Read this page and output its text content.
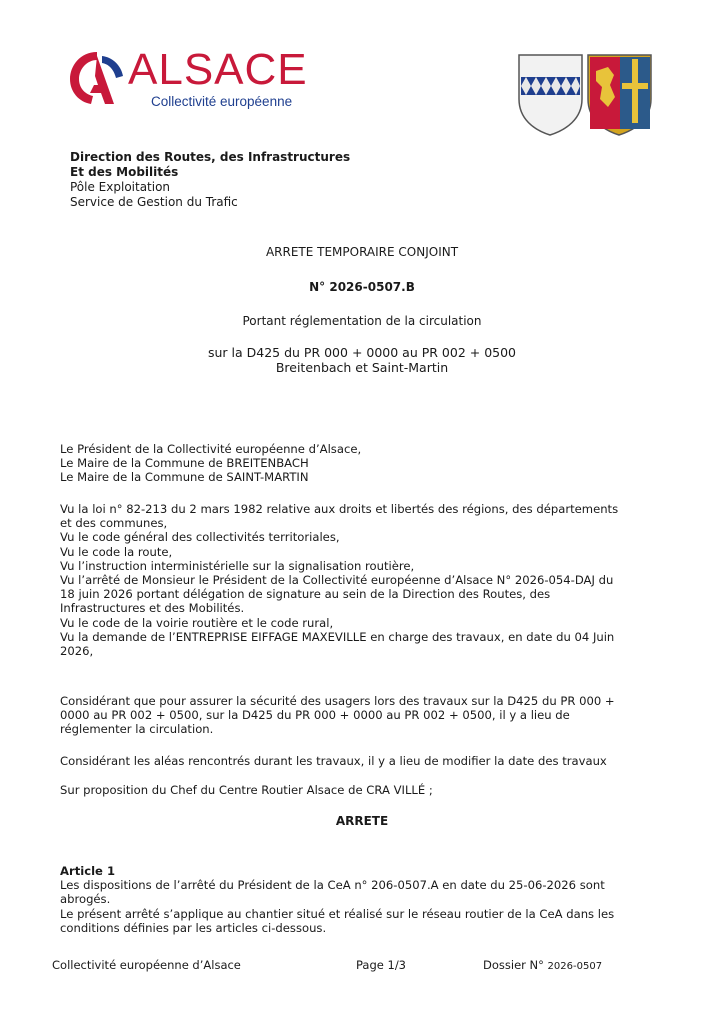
ALSACE
Collectivité européenne
Direction des Routes, des Infrastructures
Et des Mobilités
Pôle Exploitation
Service de Gestion du Trafic
ARRETE TEMPORAIRE CONJOINT
N° 2026-0507.B
Portant réglementation de la circulation
sur la D425 du PR 000 + 0000 au PR 002 + 0500
Breitenbach et Saint-Martin
Le Président de la Collectivité européenne d’Alsace,
Le Maire de la Commune de BREITENBACH
Le Maire de la Commune de SAINT-MARTIN
Vu la loi n° 82-213 du 2 mars 1982 relative aux droits et libertés des régions, des départements
et des communes,
Vu le code général des collectivités territoriales,
Vu le code la route,
Vu l’instruction interministérielle sur la signalisation routière,
Vu l’arrêté de Monsieur le Président de la Collectivité européenne d’Alsace N° 2026-054-DAJ du
18 juin 2026 portant délégation de signature au sein de la Direction des Routes, des
Infrastructures et des Mobilités.
Vu le code de la voirie routière et le code rural,
Vu la demande de l’ENTREPRISE EIFFAGE MAXEVILLE en charge des travaux, en date du 04 Juin
2026,
Considérant que pour assurer la sécurité des usagers lors des travaux sur la D425 du PR 000 +
0000 au PR 002 + 0500, sur la D425 du PR 000 + 0000 au PR 002 + 0500, il y a lieu de
réglementer la circulation.
Considérant les aléas rencontrés durant les travaux, il y a lieu de modifier la date des travaux
Sur proposition du Chef du Centre Routier Alsace de CRA VILLÉ ;
ARRETE
Article 1
Les dispositions de l’arrêté du Président de la CeA n° 206-0507.A en date du 25-06-2026 sont
abrogés.
Le présent arrêté s’applique au chantier situé et réalisé sur le réseau routier de la CeA dans les
conditions définies par les articles ci-dessous.
Collectivité européenne d’Alsace	Page 1/3	Dossier N° 2026-0507
